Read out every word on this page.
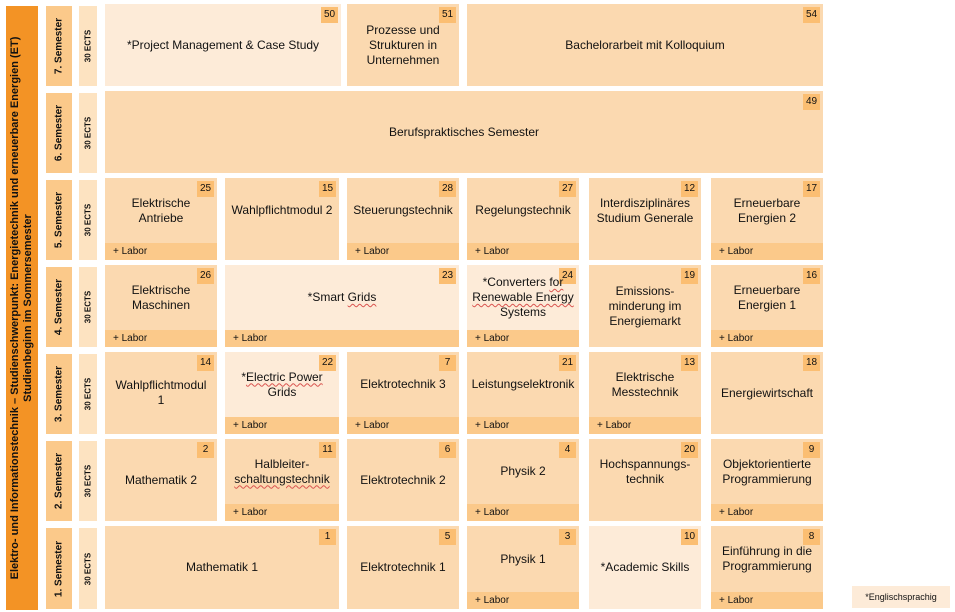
Elektro- und Informationstechnik – Studienschwerpunkt: Energietechnik und erneuerbare Energien (ET) Studienbeginn im Sommersemester
7. Semester
6. Semester
5. Semester
4. Semester
3. Semester
2. Semester
1. Semester
30 ECTS
30 ECTS
30 ECTS
30 ECTS
30 ECTS
30 ECTS
30 ECTS
50
*Project Management & Case Study
51
Prozesse und Strukturen in Unternehmen
54
Bachelorarbeit mit Kolloquium
49
Berufspraktisches Semester
25
Elektrische Antriebe
+ Labor
15
Wahlpflichtmodul 2
28
Steuerungstechnik
+ Labor
27
Regelungstechnik
+ Labor
12
Interdisziplinäres Studium Generale
17
Erneuerbare Energien 2
+ Labor
26
Elektrische Maschinen
+ Labor
23
*Smart Grids
+ Labor
24
*Converters for
Renewable Energy
Systems
+ Labor
19
Emissions-minderung im Energiemarkt
16
Erneuerbare Energien 1
+ Labor
14
Wahlpflichtmodul 1
22
*Electric Power
Grids
+ Labor
7
Elektrotechnik 3
+ Labor
21
Leistungselektronik
+ Labor
13
Elektrische Messtechnik
+ Labor
18
Energiewirtschaft
2
Mathematik 2
11
Halbleiter-
schaltungstechnik
+ Labor
6
Elektrotechnik 2
4
Physik 2
+ Labor
20
Hochspannungs-technik
9
Objektorientierte Programmierung
+ Labor
1
Mathematik 1
5
Elektrotechnik 1
3
Physik 1
+ Labor
10
*Academic Skills
8
Einführung in die Programmierung
+ Labor	*Englischsprachig
